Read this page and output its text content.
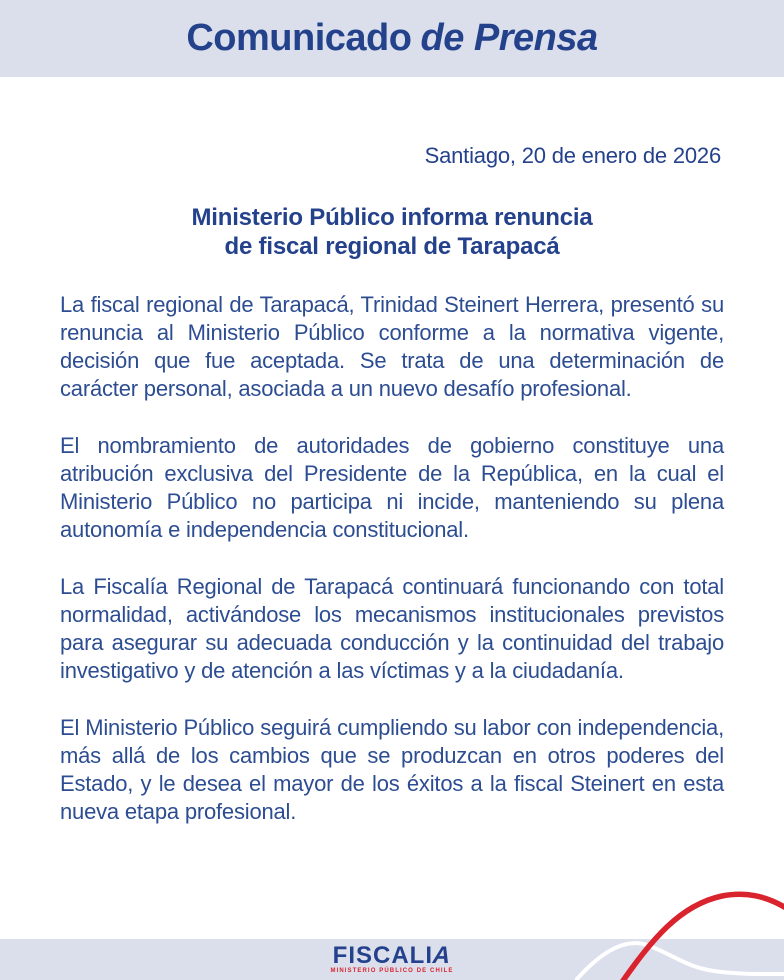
Comunicado de Prensa
Santiago, 20 de enero de 2026
Ministerio Público informa renuncia
de fiscal regional de Tarapacá

La fiscal regional de Tarapacá, Trinidad Steinert Herrera, presentó su renuncia al Ministerio Público conforme a la normativa vigente, decisión que fue aceptada. Se trata de una determinación de carácter personal, asociada a un nuevo desafío profesional.

El nombramiento de autoridades de gobierno constituye una atribución exclusiva del Presidente de la República, en la cual el Ministerio Público no participa ni incide, manteniendo su plena autonomía e independencia constitucional.

La Fiscalía Regional de Tarapacá continuará funcionando con total normalidad, activándose los mecanismos institucionales previstos para asegurar su adecuada conducción y la continuidad del trabajo investigativo y de atención a las víctimas y a la ciudadanía.

El Ministerio Público seguirá cumpliendo su labor con independencia, más allá de los cambios que se produzcan en otros poderes del Estado, y le desea el mayor de los éxitos a la fiscal Steinert en esta nueva etapa profesional.

FISCALIA
MINISTERIO PÚBLICO DE CHILE
